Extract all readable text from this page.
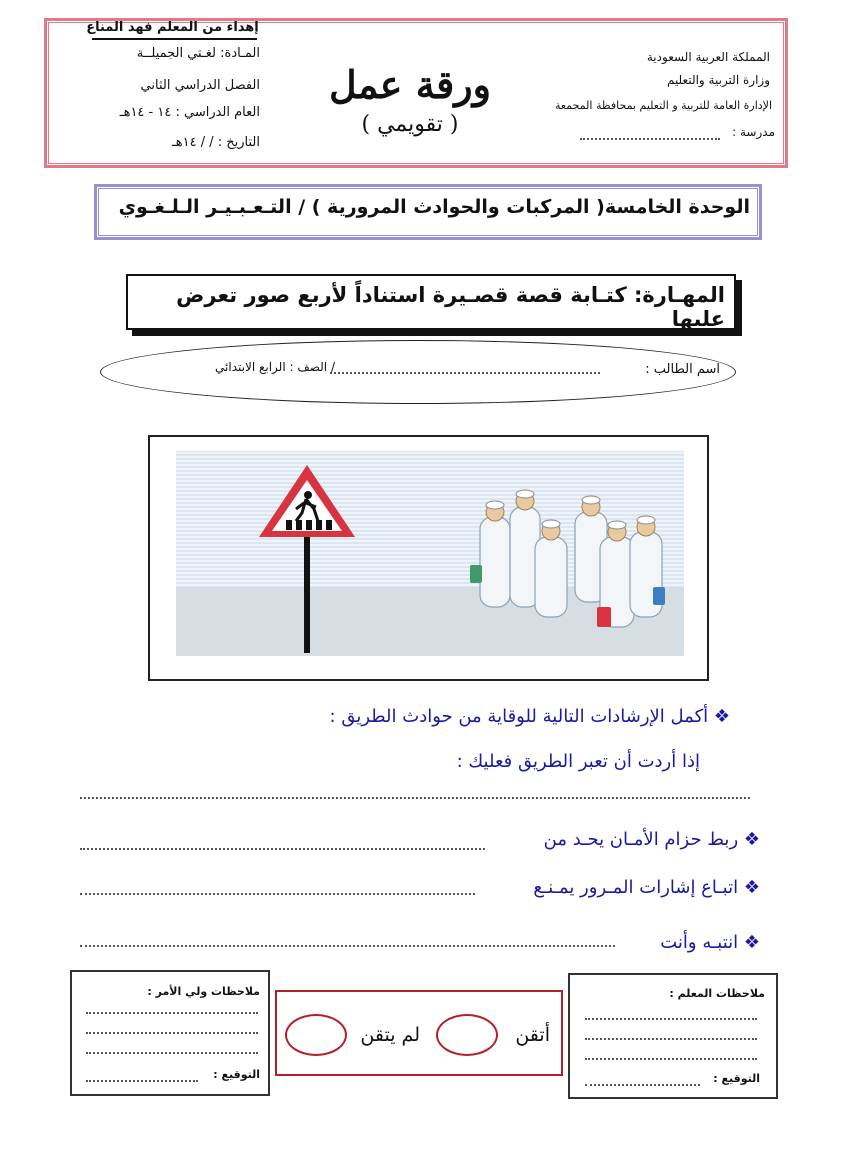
المملكة العربية السعودية
وزارة التربية والتعليم
الإدارة العامة للتربية و التعليم بمحافظة المجمعة
مدرسة :
ورقة عمل
( تقويمي )
إهداء من المعلم فهد المناع
المـادة: لغـتي الجميلــة
الفصل الدراسي الثاني
العام الدراسي : ١٤ - ١٤هـ
التاريخ : / / ١٤هـ
الوحدة الخامسة( المركبات والحوادث المرورية ) / التـعـبـيـر الـلـغـوي
المهـارة: كتـابة قصة قصـيرة استناداً لأربع صور تعرض عليها
اسم الطالب :
/ الصف : الرابع الابتدائي
❖ أكمل الإرشادات التالية للوقاية من حوادث الطريق :
إذا أردت أن تعبر الطريق فعليك :
❖ ربط حزام الأمـان يحـد من
❖ اتبـاع إشارات المـرور يمـنـع
❖ انتبـه وأنت
ملاحظات ولي الأمر :
التوقيع :
لم يتقن	أتقن
ملاحظات المعلم :
التوقيع :
